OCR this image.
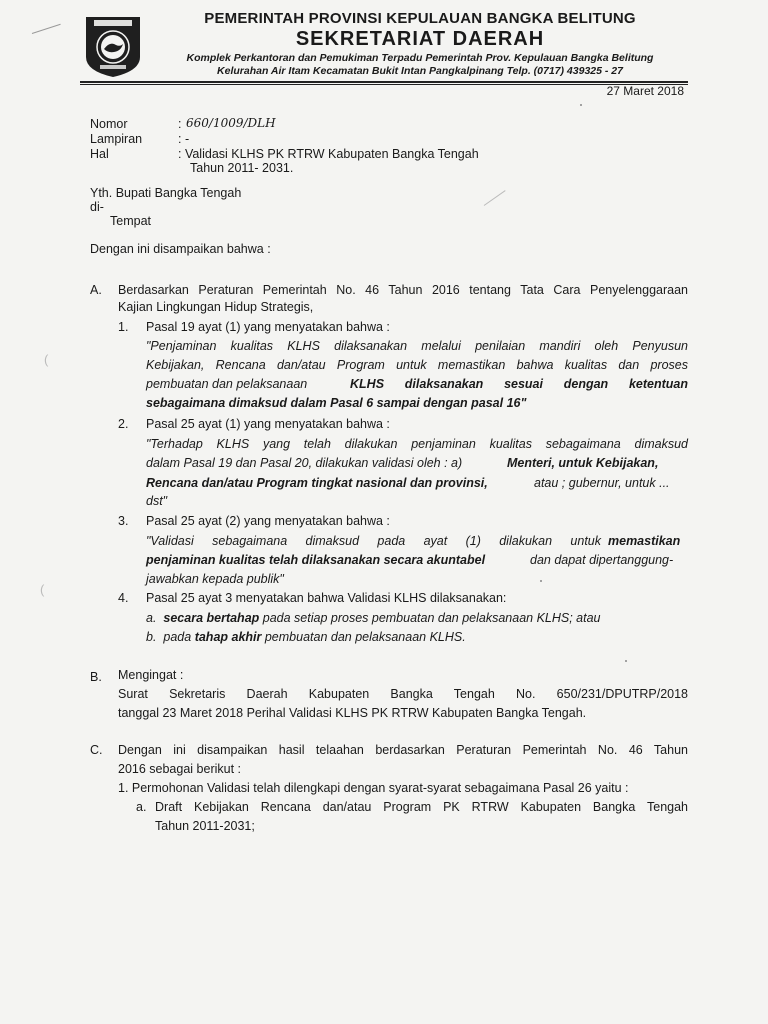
PEMERINTAH PROVINSI KEPULAUAN BANGKA BELITUNG
SEKRETARIAT DAERAH
Komplek Perkantoran dan Pemukiman Terpadu Pemerintah Prov. Kepulauan Bangka Belitung
Kelurahan Air Itam Kecamatan Bukit Intan Pangkalpinang Telp. (0717) 439325 - 27
27 Maret 2018
Nomor	: 660/1009/DLH
Lampiran	: -
Hal	: Validasi KLHS PK RTRW Kabupaten Bangka Tengah
Tahun 2011- 2031.
Yth. Bupati Bangka Tengah
di-
Tempat
Dengan ini disampaikan bahwa :
A. Berdasarkan Peraturan Pemerintah No. 46 Tahun 2016 tentang Tata Cara Penyelenggaraan
Kajian Lingkungan Hidup Strategis,
1. Pasal 19 ayat (1) yang menyatakan bahwa :
"Penjaminan kualitas KLHS dilaksanakan melalui penilaian mandiri oleh Penyusun
Kebijakan, Rencana dan/atau Program untuk memastikan bahwa kualitas dan proses
pembuatan dan pelaksanaan	KLHS dilaksanakan sesuai dengan ketentuan
sebagaimana dimaksud dalam Pasal 6 sampai dengan pasal 16"
2. Pasal 25 ayat (1) yang menyatakan bahwa :
"Terhadap KLHS yang telah dilakukan penjaminan kualitas sebagaimana dimaksud
dalam Pasal 19 dan Pasal 20, dilakukan validasi oleh : a)	Menteri, untuk Kebijakan,
Rencana dan/atau Program tingkat nasional dan provinsi,	atau ; gubernur, untuk ...
dst"
3. Pasal 25 ayat (2) yang menyatakan bahwa :
"Validasi sebagaimana dimaksud pada ayat (1) dilakukan untuk memastikan
penjaminan kualitas telah dilaksanakan secara akuntabel	dan dapat dipertanggung-
jawabkan kepada publik"
4. Pasal 25 ayat 3 menyatakan bahwa Validasi KLHS dilaksanakan:
a. secara bertahap pada setiap proses pembuatan dan pelaksanaan KLHS; atau
b. pada tahap akhir pembuatan dan pelaksanaan KLHS.
B. Mengingat :
Surat Sekretaris Daerah Kabupaten Bangka Tengah No. 650/231/DPUTRP/2018
tanggal 23 Maret 2018 Perihal Validasi KLHS PK RTRW Kabupaten Bangka Tengah.
C. Dengan ini disampaikan hasil telaahan berdasarkan Peraturan Pemerintah No. 46 Tahun
2016 sebagai berikut :
1. Permohonan Validasi telah dilengkapi dengan syarat-syarat sebagaimana Pasal 26 yaitu :
a. Draft Kebijakan Rencana dan/atau Program PK RTRW Kabupaten Bangka Tengah
Tahun 2011-2031;
(
(
